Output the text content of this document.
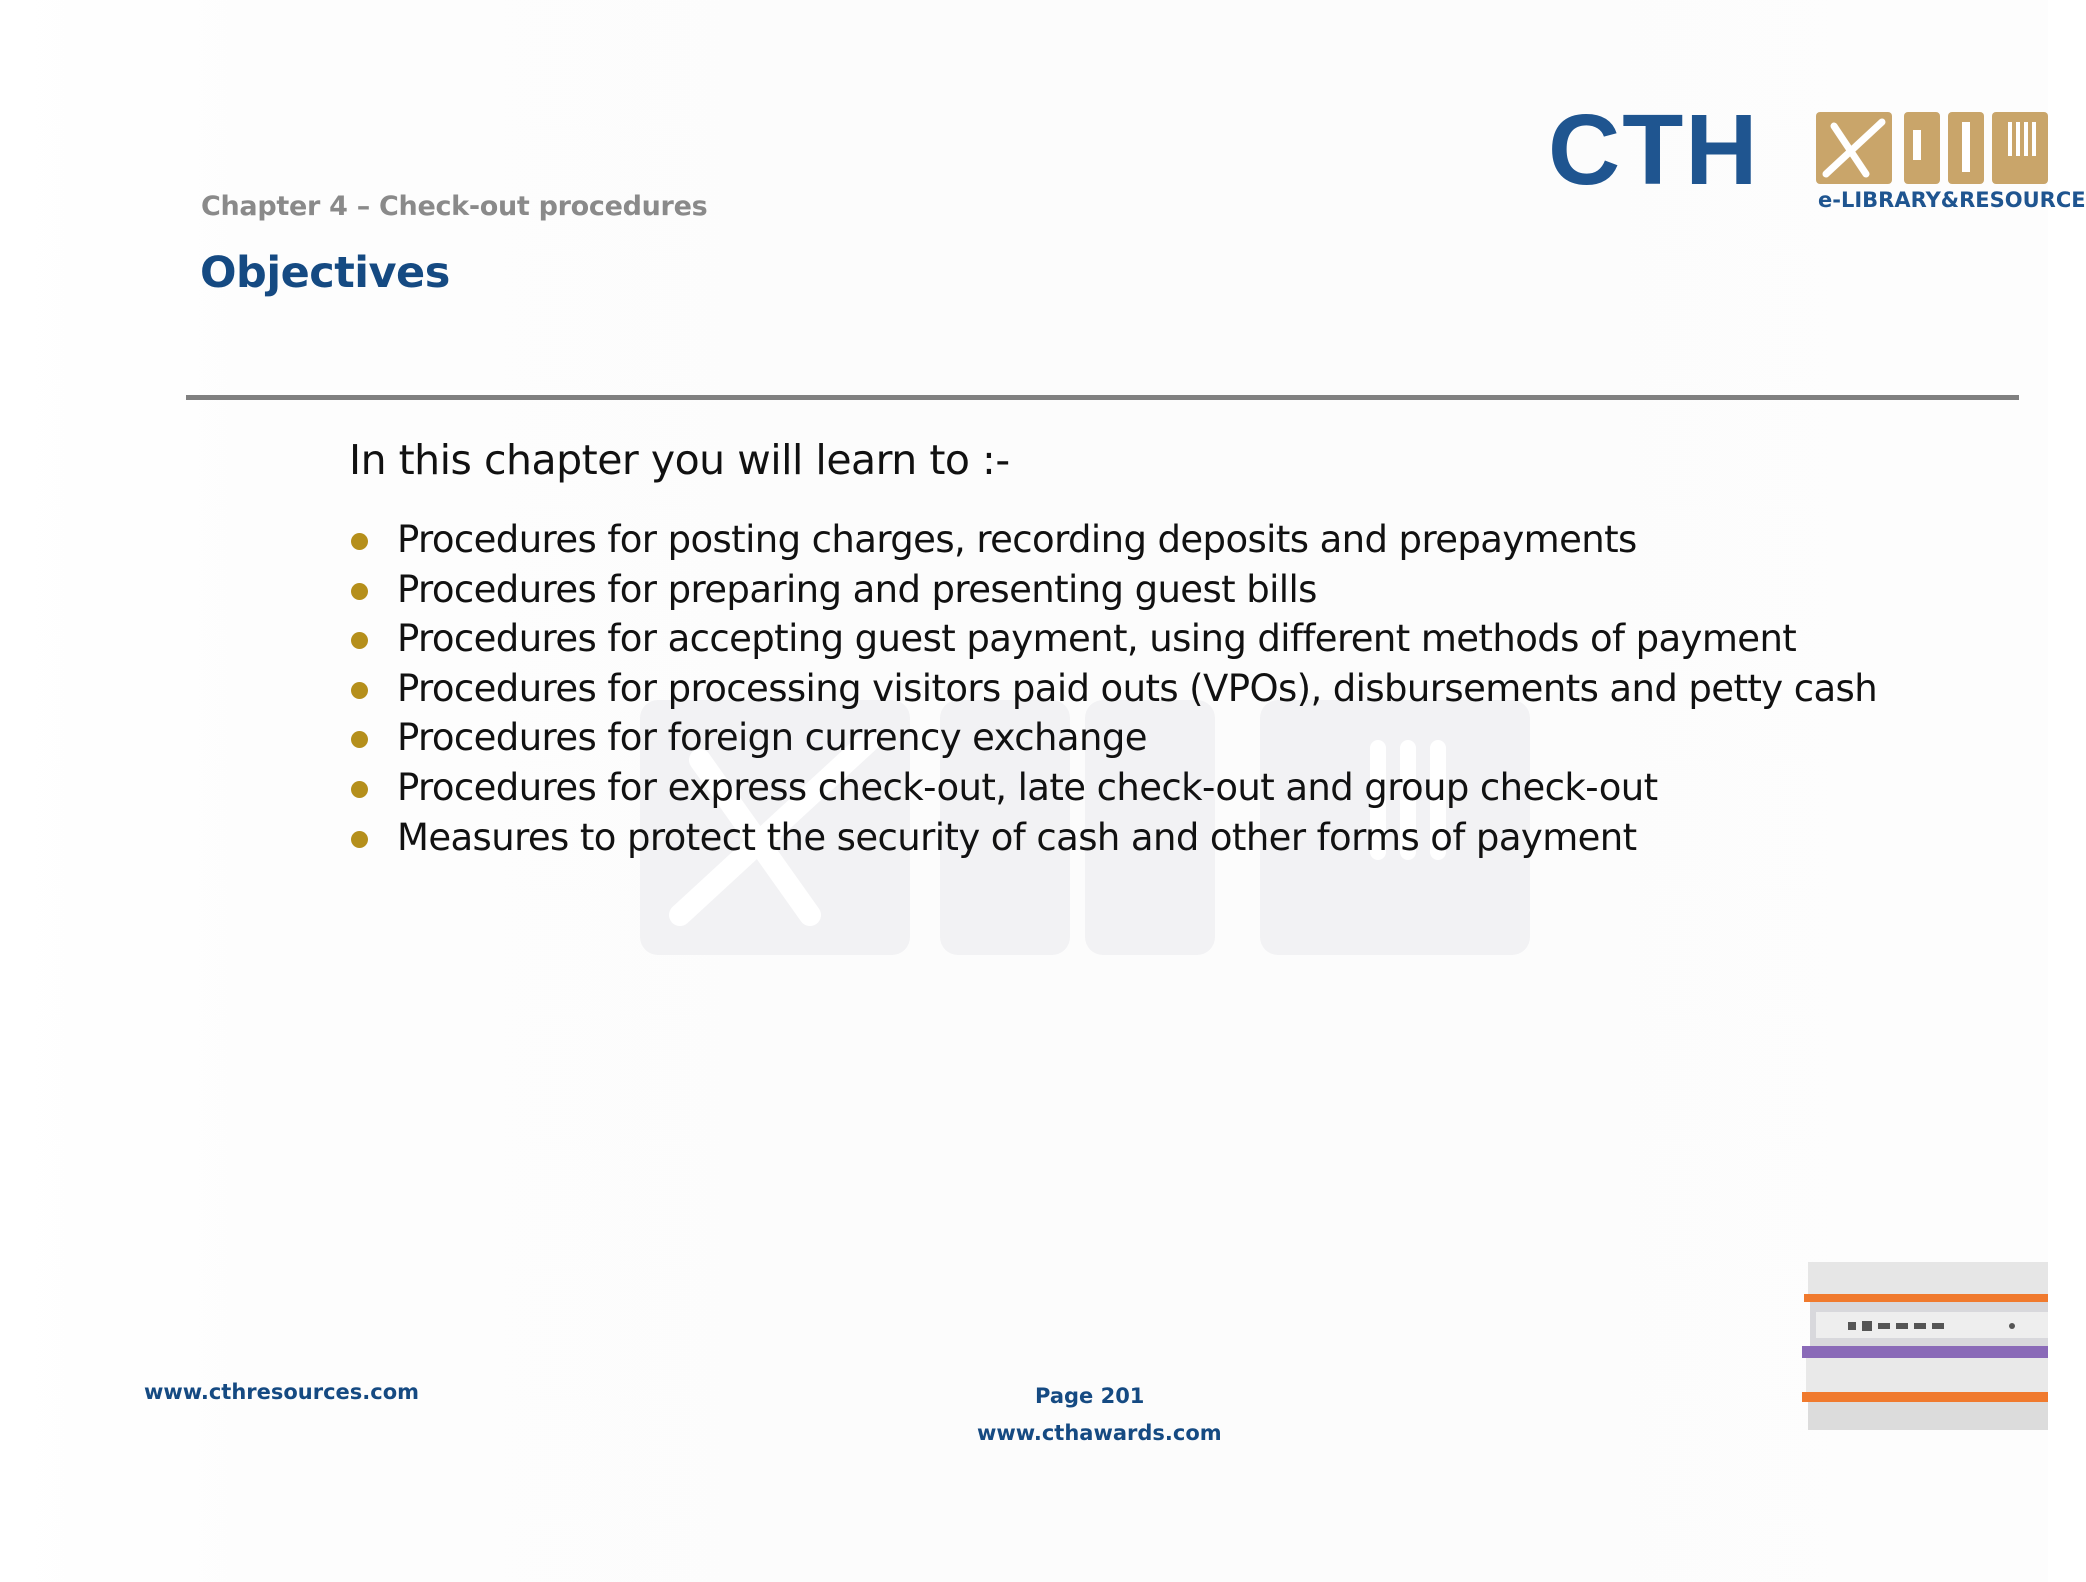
Chapter 4 – Check-out procedures
Objectives
CTH	e-LIBRARY&RESOURCE
In this chapter you will learn to :-
Procedures for posting charges, recording deposits and prepayments
Procedures for preparing and presenting guest bills
Procedures for accepting guest payment, using different methods of payment
Procedures for processing visitors paid outs (VPOs), disbursements and petty cash
Procedures for foreign currency exchange
Procedures for express check-out, late check-out and group check-out
Measures to protect the security of cash and other forms of payment
www.cthresources.com	Page 201
www.cthawards.com
